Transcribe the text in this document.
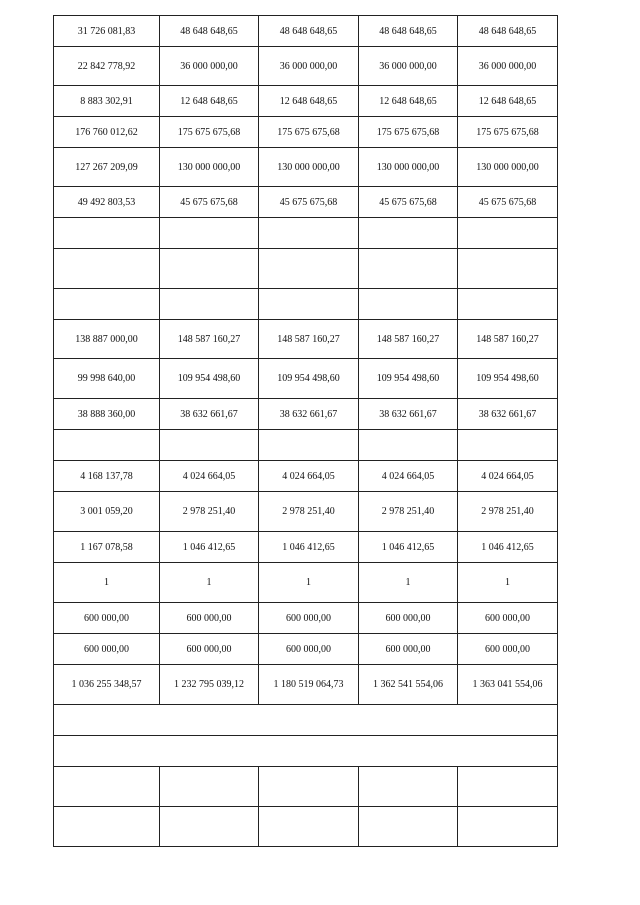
31 726 081,83	48 648 648,65	48 648 648,65	48 648 648,65	48 648 648,65
22 842 778,92	36 000 000,00	36 000 000,00	36 000 000,00	36 000 000,00
8 883 302,91	12 648 648,65	12 648 648,65	12 648 648,65	12 648 648,65
176 760 012,62	175 675 675,68	175 675 675,68	175 675 675,68	175 675 675,68
127 267 209,09	130 000 000,00	130 000 000,00	130 000 000,00	130 000 000,00
49 492 803,53	45 675 675,68	45 675 675,68	45 675 675,68	45 675 675,68

138 887 000,00	148 587 160,27	148 587 160,27	148 587 160,27	148 587 160,27
99 998 640,00	109 954 498,60	109 954 498,60	109 954 498,60	109 954 498,60
38 888 360,00	38 632 661,67	38 632 661,67	38 632 661,67	38 632 661,67

4 168 137,78	4 024 664,05	4 024 664,05	4 024 664,05	4 024 664,05
3 001 059,20	2 978 251,40	2 978 251,40	2 978 251,40	2 978 251,40
1 167 078,58	1 046 412,65	1 046 412,65	1 046 412,65	1 046 412,65
1	1	1	1	1
600 000,00	600 000,00	600 000,00	600 000,00	600 000,00
600 000,00	600 000,00	600 000,00	600 000,00	600 000,00
1 036 255 348,57	1 232 795 039,12	1 180 519 064,73	1 362 541 554,06	1 363 041 554,06
